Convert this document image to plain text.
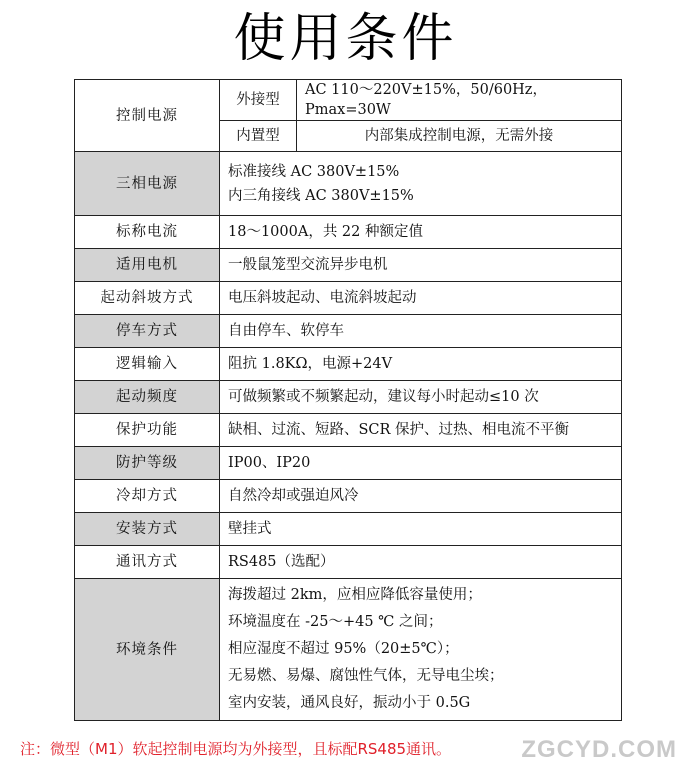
使用条件
控制电源	外接型	AC 110～220V±15%，50/60Hz，Pmax=30W
	内置型	内部集成控制电源，无需外接
三相电源	标准接线 AC 380V±15%
内三角接线 AC 380V±15%	

标称电流	18～1000A，共 22 种额定值	
适用电机	一般鼠笼型交流异步电机	
起动斜坡方式	电压斜坡起动、电流斜坡起动	
停车方式	自由停车、软停车	
逻辑输入	阻抗 1.8KΩ，电源+24V	
起动频度	可做频繁或不频繁起动，建议每小时起动≤10 次	
保护功能	缺相、过流、短路、SCR 保护、过热、相电流不平衡	
防护等级	IP00、IP20	
冷却方式	自然冷却或强迫风冷	
安装方式	壁挂式	
通讯方式	RS485（选配）	
环境条件	海拨超过 2km，应相应降低容量使用；
环境温度在 -25～+45 ℃ 之间；
相应湿度不超过 95%（20±5℃）；
无易燃、易爆、腐蚀性气体，无导电尘埃；
室内安装，通风良好，振动小于 0.5G	
注：微型（M1）软起控制电源均为外接型，且标配RS485通讯。	ZGCYD.COM
